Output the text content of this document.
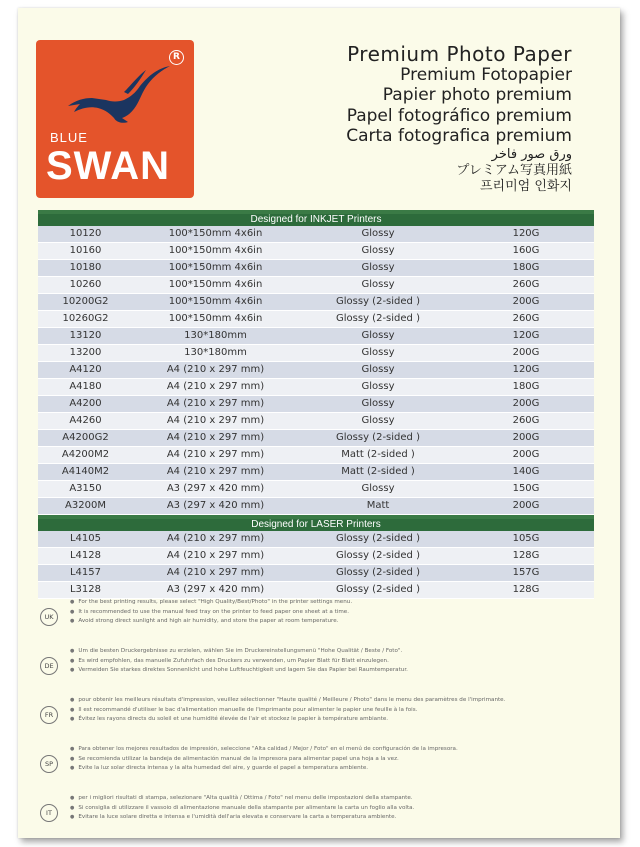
R
BLUE
SWAN
Premium Photo Paper
Premium Fotopapier
Papier photo premium
Papel fotográfico premium
Carta fotografica premium
ورق صور فاخر
プレミアム写真用紙
프리미엄 인화지
Designed for INKJET Printers
10120	100*150mm 4x6in	Glossy	120G
10160	100*150mm 4x6in	Glossy	160G
10180	100*150mm 4x6in	Glossy	180G
10260	100*150mm 4x6in	Glossy	260G
10200G2	100*150mm 4x6in	Glossy (2-sided )	200G
10260G2	100*150mm 4x6in	Glossy (2-sided )	260G
13120	130*180mm	Glossy	120G
13200	130*180mm	Glossy	200G
A4120	A4 (210 x 297 mm)	Glossy	120G
A4180	A4 (210 x 297 mm)	Glossy	180G
A4200	A4 (210 x 297 mm)	Glossy	200G
A4260	A4 (210 x 297 mm)	Glossy	260G
A4200G2	A4 (210 x 297 mm)	Glossy (2-sided )	200G
A4200M2	A4 (210 x 297 mm)	Matt (2-sided )	200G
A4140M2	A4 (210 x 297 mm)	Matt (2-sided )	140G
A3150	A3 (297 x 420 mm)	Glossy	150G
A3200M	A3 (297 x 420 mm)	Matt	200G
Designed for LASER Printers
L4105	A4 (210 x 297 mm)	Glossy (2-sided )	105G
L4128	A4 (210 x 297 mm)	Glossy (2-sided )	128G
L4157	A4 (210 x 297 mm)	Glossy (2-sided )	157G
L3128	A3 (297 x 420 mm)	Glossy (2-sided )	128G
UK
● For the best printing results, please select "High Quality/Best/Photo" in the printer settings menu.
● It is recommended to use the manual feed tray on the printer to feed paper one sheet at a time.
● Avoid strong direct sunlight and high air humidity, and store the paper at room temperature.
DE
● Um die besten Druckergebnisse zu erzielen, wählen Sie im Druckereinstellungsmenü "Hohe Qualität / Beste / Foto".
● Es wird empfohlen, das manuelle Zufuhrfach des Druckers zu verwenden, um Papier Blatt für Blatt einzulegen.
● Vermeiden Sie starkes direktes Sonnenlicht und hohe Luftfeuchtigkeit und lagern Sie das Papier bei Raumtemperatur.
FR
● pour obtenir les meilleurs résultats d'impression, veuillez sélectionner "Haute qualité / Meilleure / Photo" dans le menu des paramètres de l'imprimante.
● Il est recommandé d'utiliser le bac d'alimentation manuelle de l'imprimante pour alimenter le papier une feuille à la fois.
● Évitez les rayons directs du soleil et une humidité élevée de l'air et stockez le papier à température ambiante.
SP
● Para obtener los mejores resultados de impresión, seleccione "Alta calidad / Mejor / Foto" en el menú de configuración de la impresora.
● Se recomienda utilizar la bandeja de alimentación manual de la impresora para alimentar papel una hoja a la vez.
● Evite la luz solar directa intensa y la alta humedad del aire, y guarde el papel a temperatura ambiente.
IT
● per i migliori risultati di stampa, selezionare "Alta qualità / Ottima / Foto" nel menu delle impostazioni della stampante.
● Si consiglia di utilizzare il vassoio di alimentazione manuale della stampante per alimentare la carta un foglio alla volta.
● Evitare la luce solare diretta e intensa e l'umidità dell'aria elevata e conservare la carta a temperatura ambiente.
